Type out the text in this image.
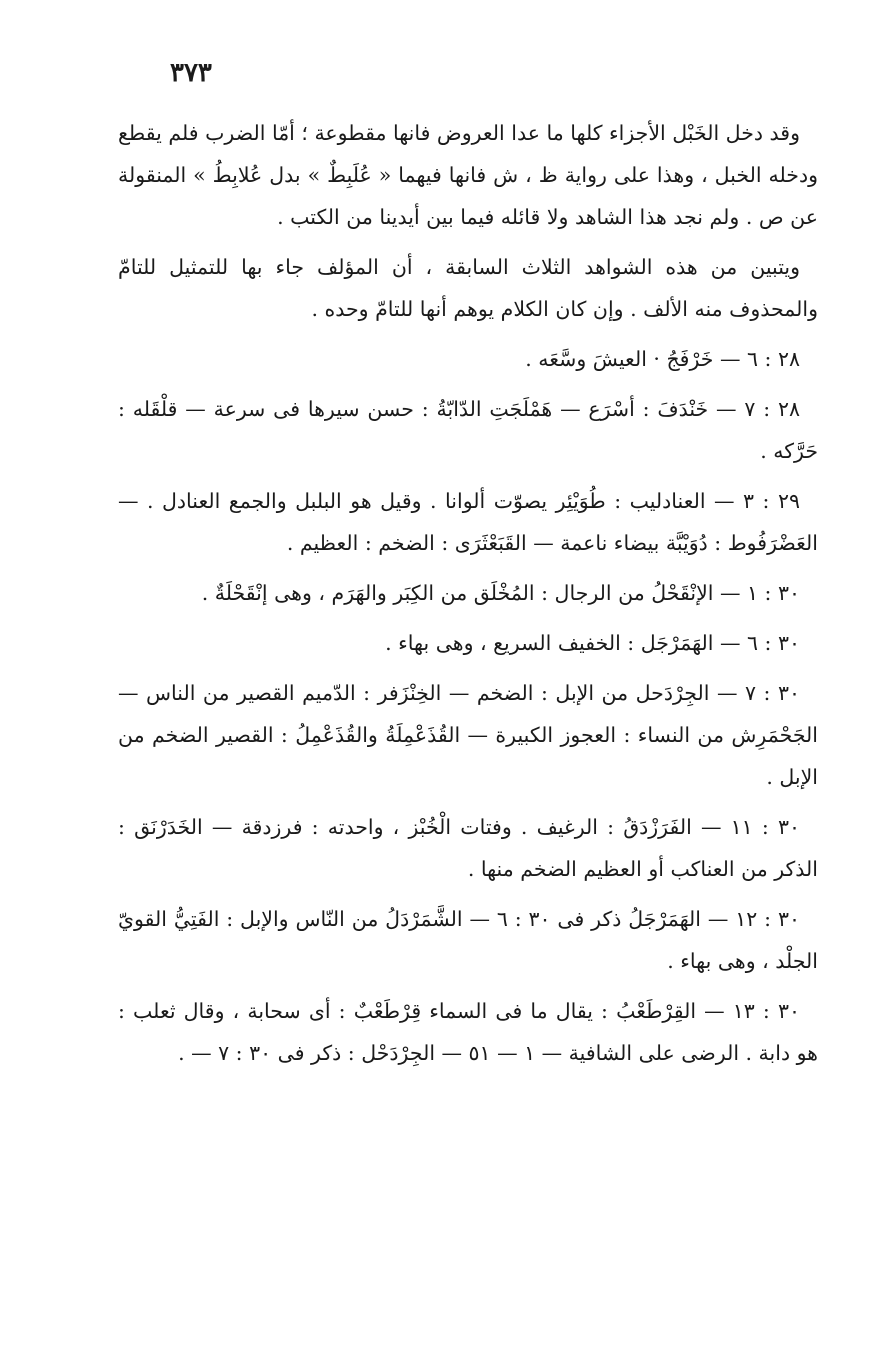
٣٧٣

وقد دخل الخَبْل الأجزاء كلها ما عدا العروض فانها مقطوعة ؛ أمّا الضرب فلم يقطع ودخله الخبل ، وهذا على رواية ظ ، ش فانها فيهما « عُلَبِطٌ » بدل عُلابِطُ » المنقولة عن ص . ولم نجد هذا الشاهد ولا قائله فيما بين أيدينا من الكتب .

ويتبين من هذه الشواهد الثلاث السابقة ، أن المؤلف جاء بها للتمثيل للتامّ والمحذوف منه الألف . وإن كان الكلام يوهم أنها للتامّ وحده .

٢٨ : ٦ — خَرْفَجُ · العيشَ وسَّعَه .

٢٨ : ٧ — خَنْدَفَ : أسْرَع — هَمْلَجَتِ الدّابّةُ : حسن سيرها فى سرعة — قلْقَله : حَرَّكه .

٢٩ : ٣ — العنادليب : طُوَيْئِر يصوّت ألوانا . وقيل هو البلبل والجمع العنادل . — العَضْرَفُوط : دُوَيْبَّة بيضاء ناعمة — القَبَعْثَرَى : الضخم : العظيم .

٣٠ : ١ — الإنْقَحْلُ من الرجال : المُخْلَق من الكِبَر والهَرَم ، وهى إنْقَحْلَةٌ .

٣٠ : ٦ — الهَمَرْجَل : الخفيف السريع ، وهى بهاء .

٣٠ : ٧ — الجِرْدَحل من الإبل : الضخم — الخِنْزَفر : الدّميم القصير من الناس — الجَحْمَرِش من النساء : العجوز الكبيرة — القُذَعْمِلَةُ والقُذَعْمِلُ : القصير الضخم من الإبل .

٣٠ : ١١ — الفَرَزْدَقُ : الرغيف . وفتات الْخُبْز ، واحدته : فرزدقة — الخَدَرْنَق : الذكر من العناكب أو العظيم الضخم منها .

٣٠ : ١٢ — الهَمَرْجَلُ ذكر فى ٣٠ : ٦ — الشَّمَرْدَلُ من النّاس والإبل : الفَتِيُّ القويّ الجلْد ، وهى بهاء .

٣٠ : ١٣ — القِرْطَعْبُ : يقال ما فى السماء قِرْطَعْبٌ : أى سحابة ، وقال ثعلب : هو دابة . الرضى على الشافية — ١ — ٥١ — الجِرْدَحْل : ذكر فى ٣٠ : ٧ — .
